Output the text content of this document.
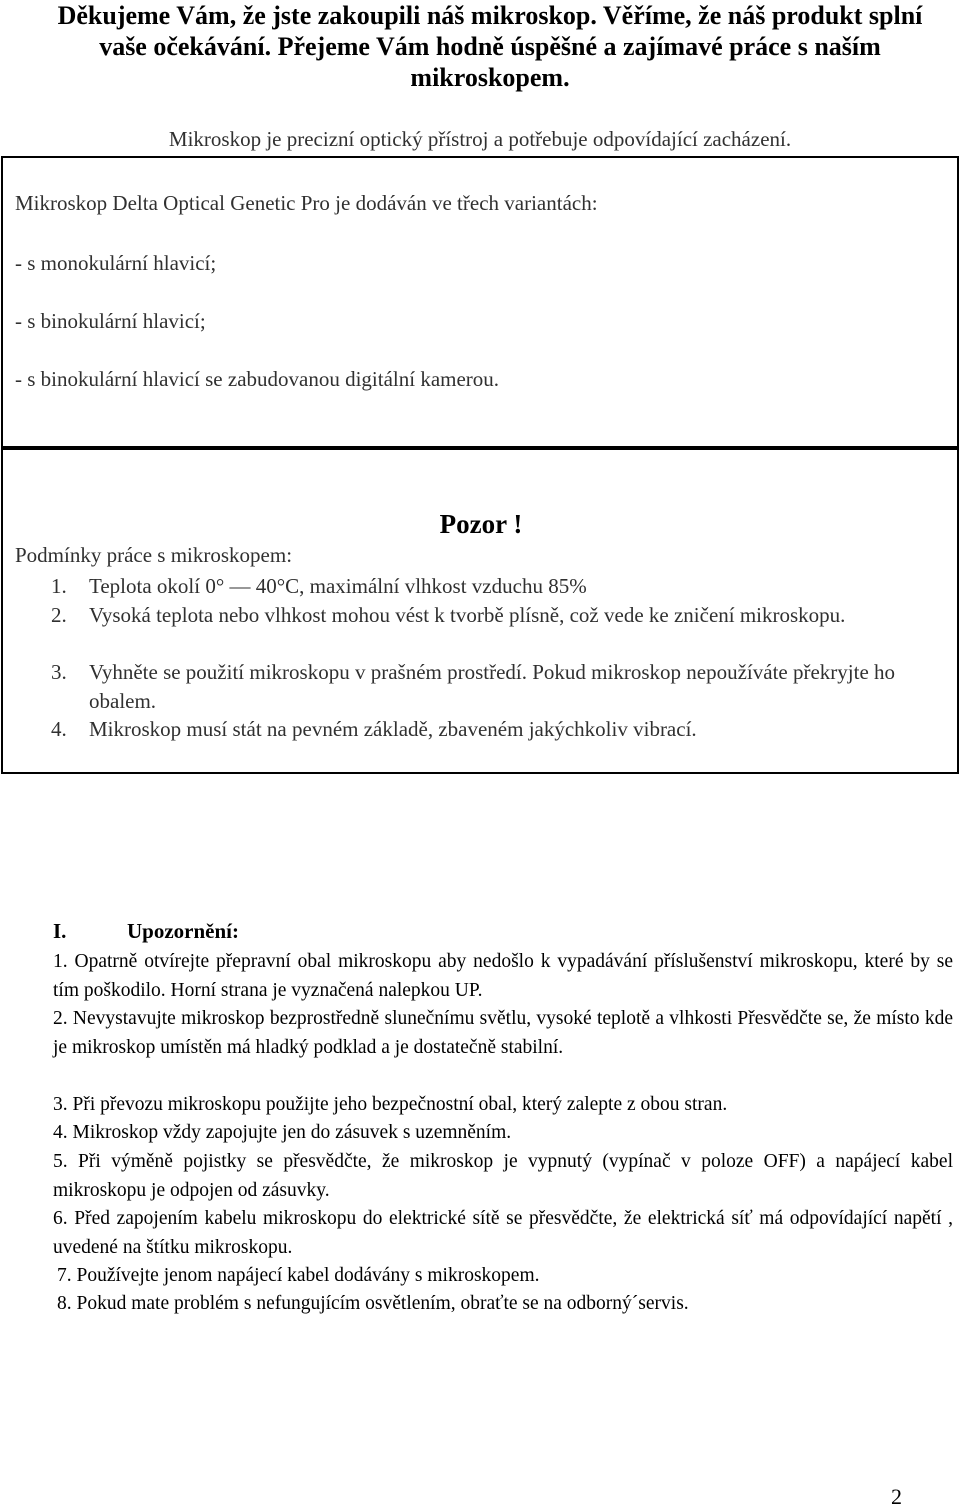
Děkujeme Vám, že jste zakoupili náš mikroskop. Věříme, že náš produkt splní vaše očekávání. Přejeme Vám hodně úspěšné a zajímavé práce s naším mikroskopem.
Mikroskop je precizní optický přístroj a potřebuje odpovídající zacházení.
Mikroskop Delta Optical Genetic Pro je dodáván ve třech variantách:
- s monokulární hlavicí;
- s binokulární hlavicí;
- s binokulární hlavicí se zabudovanou digitální kamerou.
Pozor !
Podmínky práce s mikroskopem:
1.	Teplota okolí 0° — 40°C, maximální vlhkost vzduchu 85%
2.	Vysoká teplota nebo vlhkost mohou vést k tvorbě plísně, což vede ke zničení mikroskopu.
3.	Vyhněte se použití mikroskopu v prašném prostředí. Pokud mikroskop nepoužíváte překryjte ho obalem.
4.	Mikroskop musí stát na pevném základě, zbaveném jakýchkoliv vibrací.
I.	Upozornění:
1. Opatrně otvírejte přepravní obal mikroskopu aby nedošlo k vypadávání příslušenství mikroskopu, které by se tím poškodilo. Horní strana je vyznačená nalepkou UP.
2. Nevystavujte mikroskop bezprostředně slunečnímu světlu, vysoké teplotě a vlhkosti Přesvědčte se, že místo kde je mikroskop umístěn má hladký podklad a je dostatečně stabilní.
3. Při převozu mikroskopu použijte jeho bezpečnostní obal, který zalepte z obou stran.
4. Mikroskop vždy zapojujte jen do zásuvek s uzemněním.
5. Při výměně pojistky se přesvědčte, že mikroskop je vypnutý (vypínač v poloze OFF) a napájecí kabel mikroskopu je odpojen od zásuvky.
6. Před zapojením kabelu mikroskopu do elektrické sítě se přesvědčte, že elektrická síť má odpovídající napětí , uvedené na štítku mikroskopu.
7. Používejte jenom napájecí kabel dodávány s mikroskopem.
8. Pokud mate problém s nefungujícím osvětlením, obraťte se na odborný´servis.
2
